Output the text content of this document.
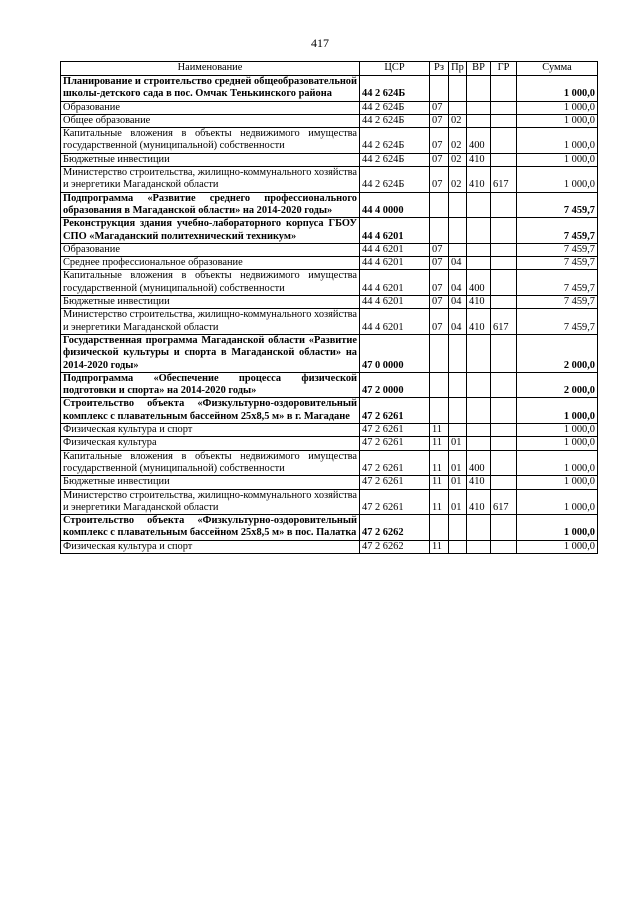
417
Наименование	ЦСР	Рз	Пр	ВР	ГР	Сумма
Планирование и строительство средней общеобразовательной школы-детского сада в пос. Омчак Тенькинского района	44 2 624Б					1 000,0
Образование	44 2 624Б	07				1 000,0
Общее образование	44 2 624Б	07	02			1 000,0
Капитальные вложения в объекты недвижимого имущества государственной (муниципальной) собственности	44 2 624Б	07	02	400		1 000,0
Бюджетные инвестиции	44 2 624Б	07	02	410		1 000,0
Министерство строительства, жилищно-коммунального хозяйства и энергетики Магаданской области	44 2 624Б	07	02	410	617	1 000,0
Подпрограмма «Развитие среднего профессионального образования в Магаданской области» на 2014-2020 годы»	44 4 0000					7 459,7
Реконструкция здания учебно-лабораторного корпуса ГБОУ СПО «Магаданский политехнический техникум»	44 4 6201					7 459,7
Образование	44 4 6201	07				7 459,7
Среднее профессиональное образование	44 4 6201	07	04			7 459,7
Капитальные вложения в объекты недвижимого имущества государственной (муниципальной) собственности	44 4 6201	07	04	400		7 459,7
Бюджетные инвестиции	44 4 6201	07	04	410		7 459,7
Министерство строительства, жилищно-коммунального хозяйства и энергетики Магаданской области	44 4 6201	07	04	410	617	7 459,7
Государственная программа Магаданской области «Развитие физической культуры и спорта в Магаданской области» на 2014-2020 годы»	47 0 0000					2 000,0
Подпрограмма «Обеспечение процесса физической подготовки и спорта» на 2014-2020 годы»	47 2 0000					2 000,0
Строительство объекта «Физкультурно-оздоровительный комплекс с плавательным бассейном 25х8,5 м» в г. Магадане	47 2 6261					1 000,0
Физическая культура и спорт	47 2 6261	11				1 000,0
Физическая культура	47 2 6261	11	01			1 000,0
Капитальные вложения в объекты недвижимого имущества государственной (муниципальной) собственности	47 2 6261	11	01	400		1 000,0
Бюджетные инвестиции	47 2 6261	11	01	410		1 000,0
Министерство строительства, жилищно-коммунального хозяйства и энергетики Магаданской области	47 2 6261	11	01	410	617	1 000,0
Строительство объекта «Физкультурно-оздоровительный комплекс с плавательным бассейном 25х8,5 м» в пос. Палатка	47 2 6262					1 000,0
Физическая культура и спорт	47 2 6262	11				1 000,0
